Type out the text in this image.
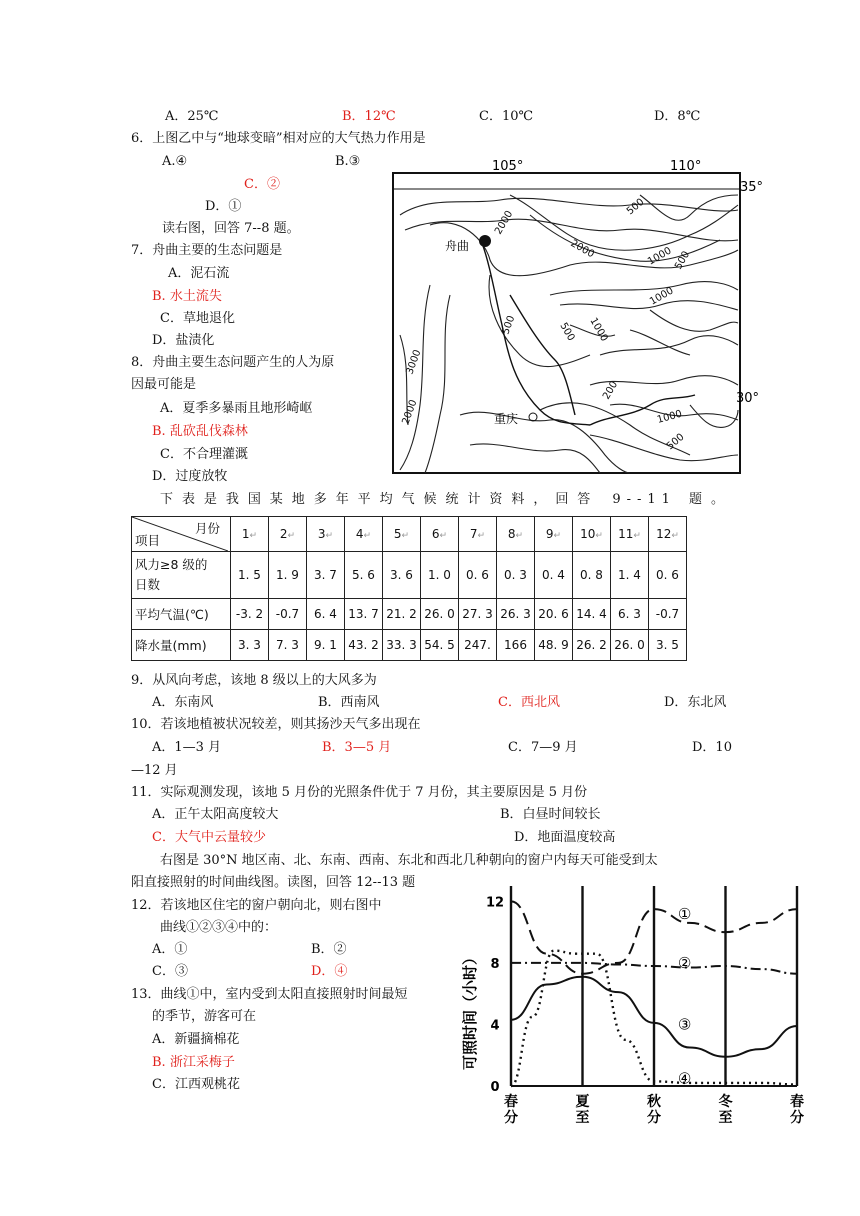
A．25℃	B．12℃	C．10℃	D．8℃
6．上图乙中与“地球变暗”相对应的大气热力作用是
A.④	B.③
C．②
D．①
读右图，回答 7--8 题。
7．舟曲主要的生态问题是
A．泥石流
B. 水土流失
C．草地退化
D．盐渍化
8．舟曲主要生态问题产生的人为原
因最可能是
A．夏季多暴雨且地形崎岖
B. 乱砍乱伐森林
C．不合理灌溉
D．过度放牧
105°	110°
35°
30°
舟曲
重庆
2000
2000
500
1000
1000
500
500	500
1000
3000
2000
200
1000
500
下表是我国某地多年平均气候统计资料，回答 9--11 题。
月份
项目	1↵	2↵	3↵	4↵	5↵	6↵	7↵	8↵	9↵	10↵	11↵	12↵
风力≥8 级的
日数	1. 5	1. 9	3. 7	5. 6	3. 6	1. 0	0. 6	0. 3	0. 4	0. 8	1. 4	0. 6
平均气温(℃)	-3. 2	-0.7	6. 4	13. 7	21. 2	26. 0	27. 3	26. 3	20. 6	14. 4	6. 3	-0.7
降水量(mm)	3. 3	7. 3	9. 1	43. 2	33. 3	54. 5	247.	166	48. 9	26. 2	26. 0	3. 5
9．从风向考虑，该地 8 级以上的大风多为
A．东南风	B．西南风	C．西北风	D．东北风
10．若该地植被状况较差，则其扬沙天气多出现在
A．1—3 月	B．3—5 月	C．7—9 月	D．10
—12 月
11．实际观测发现，该地 5 月份的光照条件优于 7 月份，其主要原因是 5 月份
A．正午太阳高度较大	B．白昼时间较长
C．大气中云量较少	D．地面温度较高
右图是 30°N 地区南、北、东南、西南、东北和西北几种朝向的窗户内每天可能受到太
阳直接照射的时间曲线图。读图，回答 12--13 题
12．若该地区住宅的窗户朝向北，则右图中
曲线①②③④中的：
A．①	B．②
C．③	D．④
13．曲线①中，室内受到太阳直接照射时间最短
的季节，游客可在
A．新疆摘棉花
B. 浙江采梅子
C．江西观桃花
可照时间（小时）
春分
夏至
秋分
冬至
春分
0
4
8
12
①
②
③
④
